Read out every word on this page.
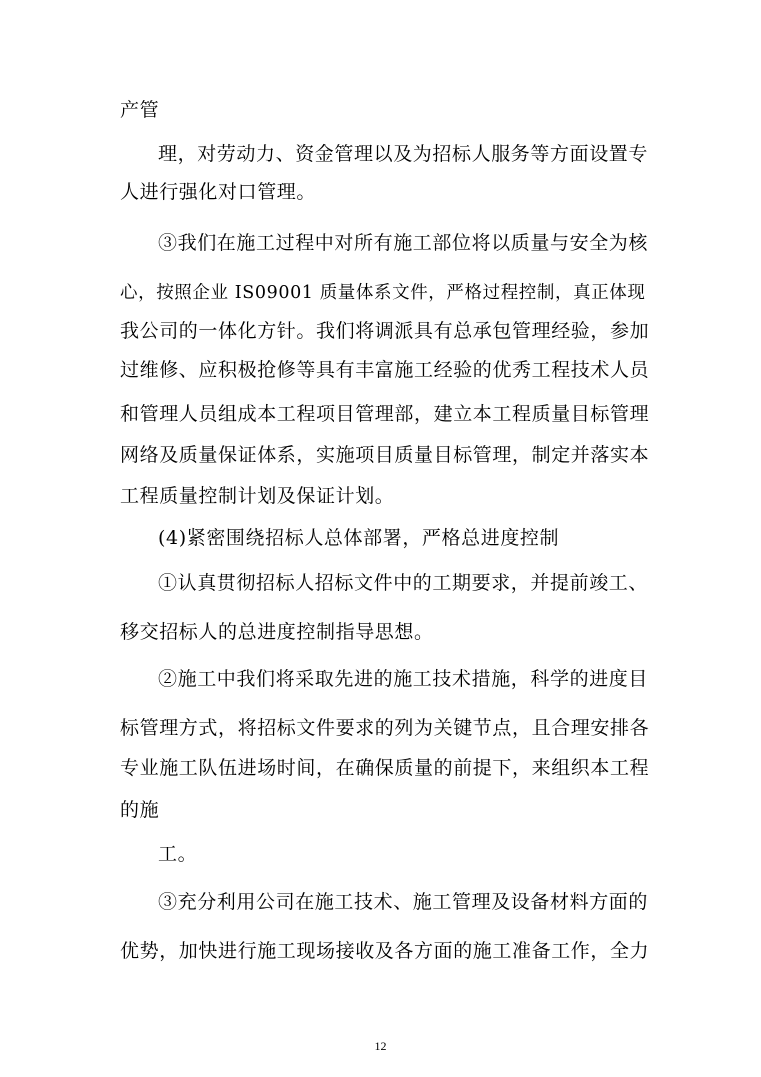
产管
理，对劳动力、资金管理以及为招标人服务等方面设置专
人进行强化对口管理。
③我们在施工过程中对所有施工部位将以质量与安全为核
心，按照企业 IS09001 质量体系文件，严格过程控制，真正体现
我公司的一体化方针。我们将调派具有总承包管理经验，参加
过维修、应积极抢修等具有丰富施工经验的优秀工程技术人员
和管理人员组成本工程项目管理部，建立本工程质量目标管理
网络及质量保证体系，实施项目质量目标管理，制定并落实本
工程质量控制计划及保证计划。
(4)紧密围绕招标人总体部署，严格总进度控制
①认真贯彻招标人招标文件中的工期要求，并提前竣工、
移交招标人的总进度控制指导思想。
②施工中我们将采取先进的施工技术措施，科学的进度目
标管理方式，将招标文件要求的列为关键节点，且合理安排各
专业施工队伍进场时间，在确保质量的前提下，来组织本工程
的施
工。
③充分利用公司在施工技术、施工管理及设备材料方面的
优势，加快进行施工现场接收及各方面的施工准备工作，全力
12
